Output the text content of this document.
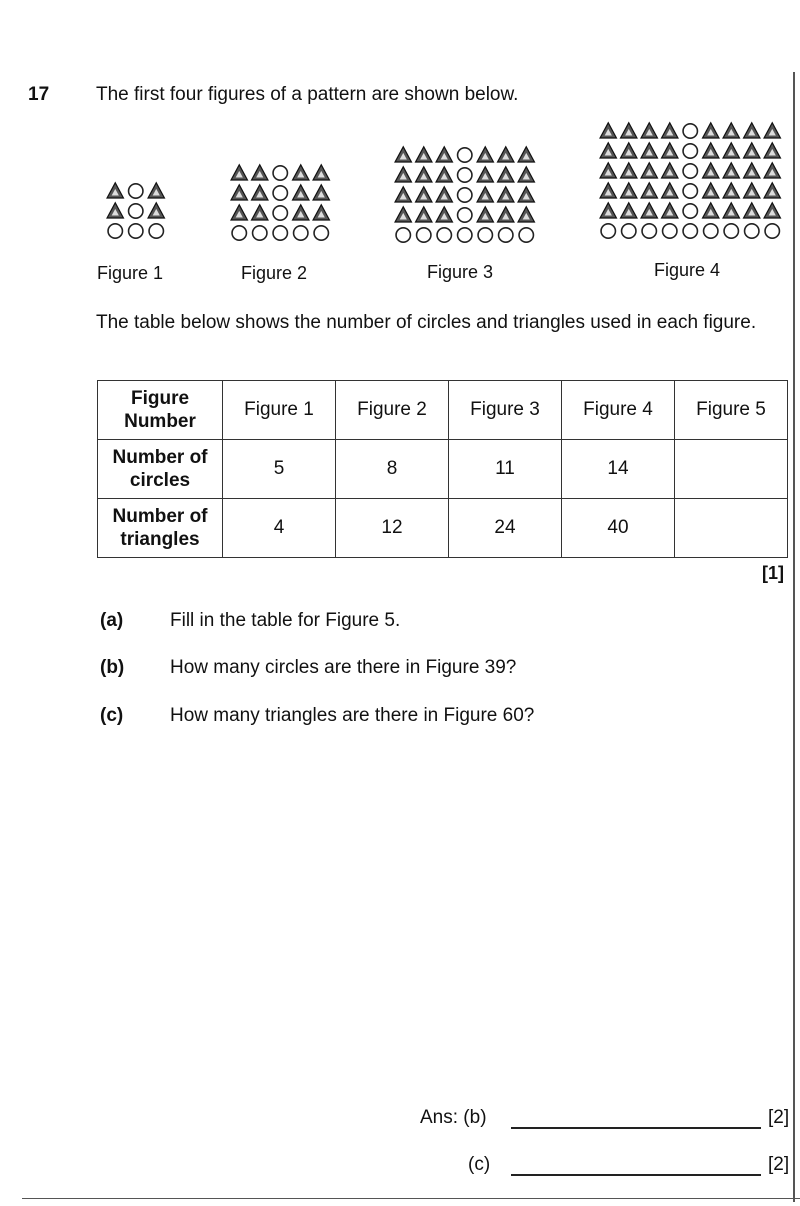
17 The first four figures of a pattern are shown below.
Figure 1	Figure 2	Figure 3	Figure 4
The table below shows the number of circles and triangles used in each figure.
Figure Number	Figure 1	Figure 2	Figure 3	Figure 4	Figure 5
Number of circles	5	8	11	14	
Number of triangles	4	12	24	40	
[1]
(a) Fill in the table for Figure 5.
(b) How many circles are there in Figure 39?
(c) How many triangles are there in Figure 60?
Ans: (b)	[2]
(c)	[2]
